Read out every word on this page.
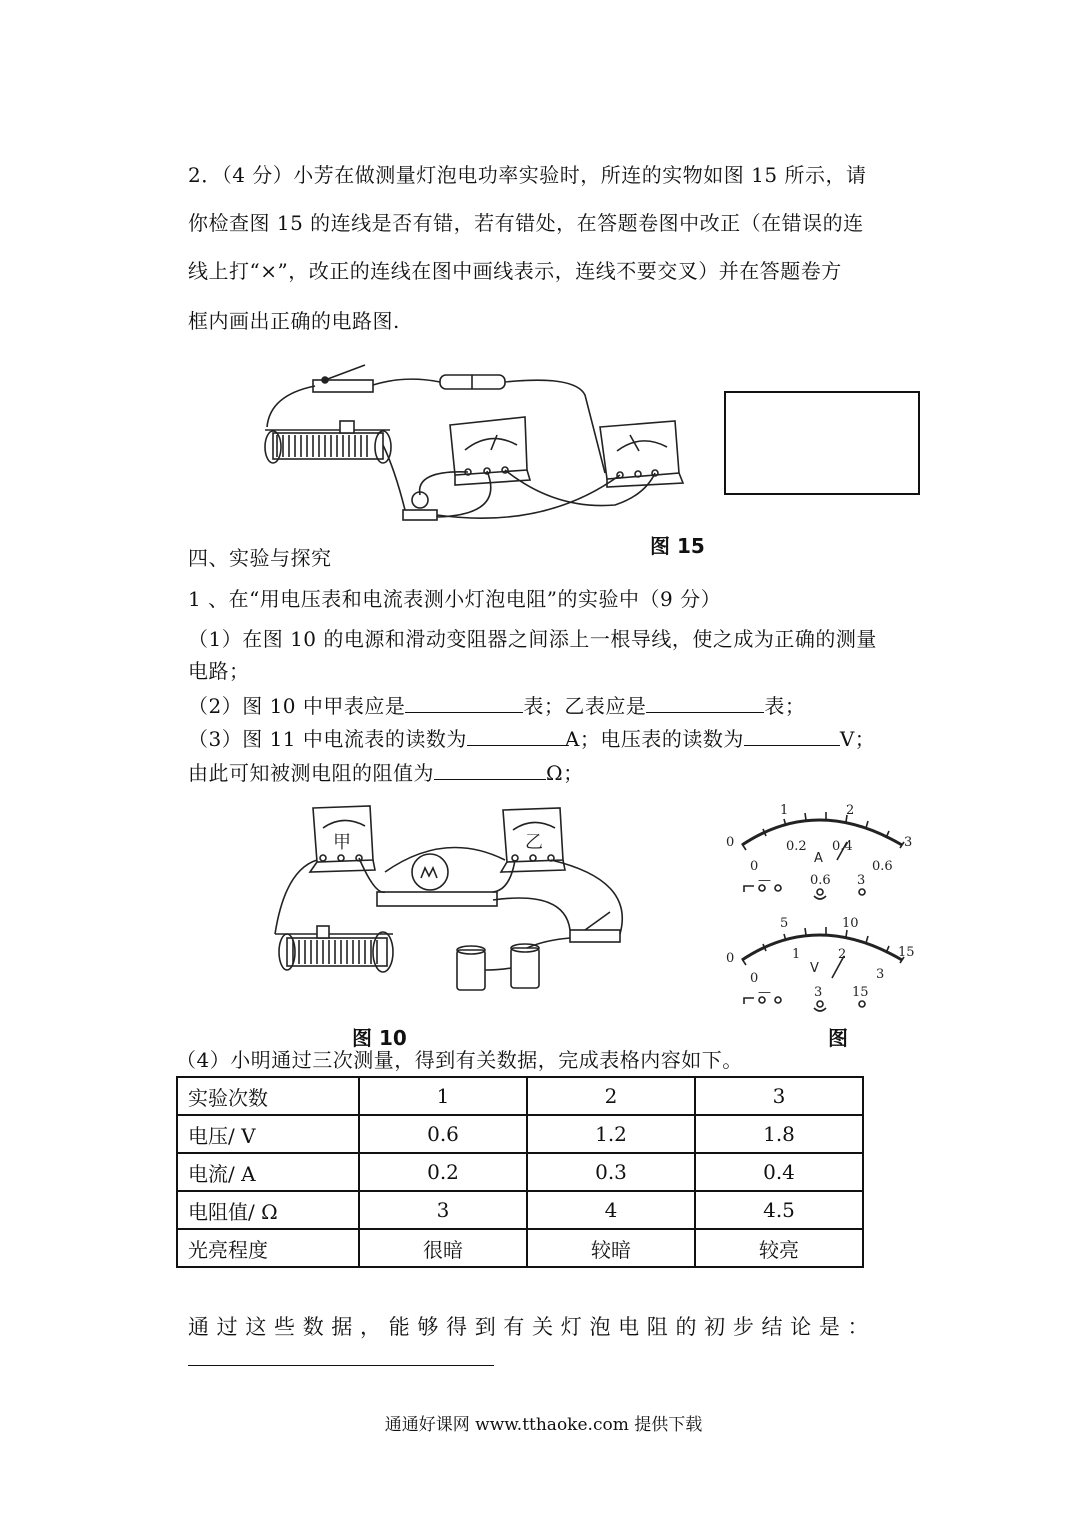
2．（4 分）小芳在做测量灯泡电功率实验时，所连的实物如图 15 所示，请
你检查图 15 的连线是否有错，若有错处，在答题卷图中改正（在错误的连
线上打“×”，改正的连线在图中画线表示，连线不要交叉）并在答题卷方
框内画出正确的电路图.
图 15
四、实验与探究
1 、在“用电压表和电流表测小灯泡电阻”的实验中（9 分）
（1）在图 10 的电源和滑动变阻器之间添上一根导线，使之成为正确的测量
电路；
（2）图 10 中甲表应是	表；乙表应是	表；
（3）图 11 中电流表的读数为	A；电压表的读数为	V；
由此可知被测电阻的阻值为	Ω；
甲	乙	0
1	2
3
0
0.2 0.4
0.6
A
—	0.6 3
0
5	10
15
0
1	2
3
V
—	3 15
图 10	图
（4）小明通过三次测量，得到有关数据，完成表格内容如下。
实验次数	1	2	3
电压/ V	0.6	1.2	1.8
电流/ A	0.2	0.3	0.4
电阻值/ Ω	3	4	4.5
光亮程度	很暗	较暗	较亮
通 过 这 些 数 据 ， 能 够 得 到 有 关 灯 泡 电 阻 的 初 步 结 论 是 ：
通通好课网 www.tthaoke.com 提供下载
